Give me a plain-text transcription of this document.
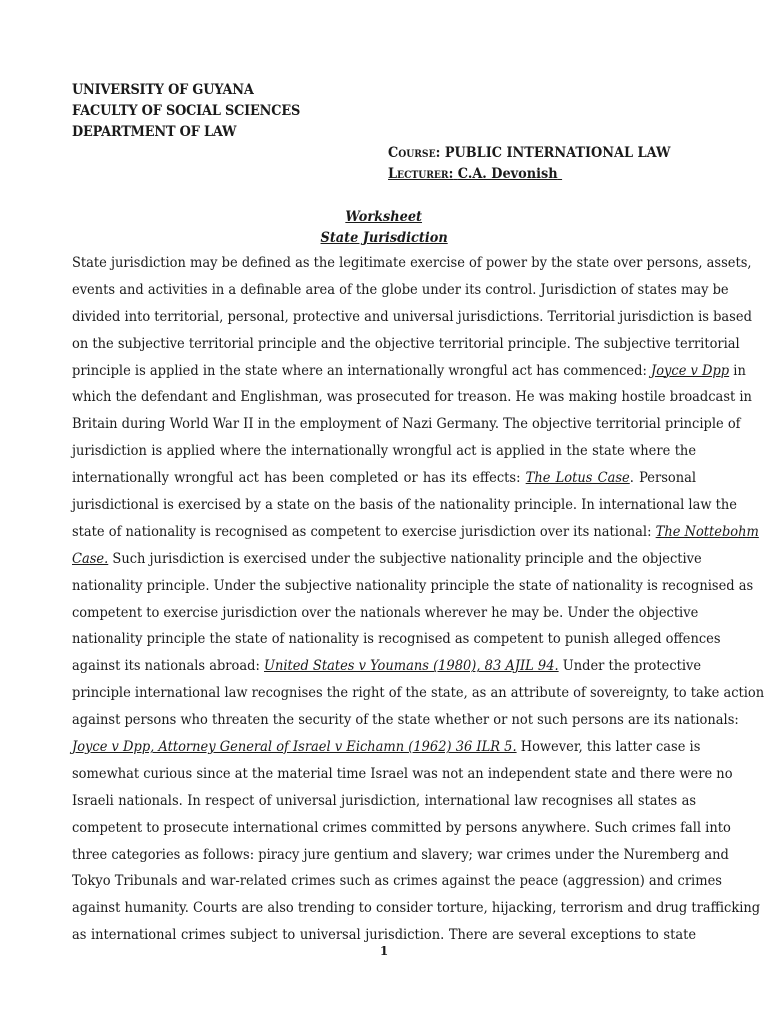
UNIVERSITY OF GUYANA
FACULTY OF SOCIAL SCIENCES
DEPARTMENT OF LAW
Course: PUBLIC INTERNATIONAL LAW
Lecturer: C.A. Devonish
Worksheet
State Jurisdiction
State jurisdiction may be defined as the legitimate exercise of power by the state over persons, assets,
events and activities in a definable area of the globe under its control. Jurisdiction of states may be
divided into territorial, personal, protective and universal jurisdictions. Territorial jurisdiction is based
on the subjective territorial principle and the objective territorial principle. The subjective territorial
principle is applied in the state where an internationally wrongful act has commenced: Joyce v Dpp in
which the defendant and Englishman, was prosecuted for treason. He was making hostile broadcast in
Britain during World War II in the employment of Nazi Germany. The objective territorial principle of
jurisdiction is applied where the internationally wrongful act is applied in the state where the
internationally wrongful act has been completed or has its effects: The Lotus Case. Personal
jurisdictional is exercised by a state on the basis of the nationality principle. In international law the
state of nationality is recognised as competent to exercise jurisdiction over its national: The Nottebohm
Case. Such jurisdiction is exercised under the subjective nationality principle and the objective
nationality principle. Under the subjective nationality principle the state of nationality is recognised as
competent to exercise jurisdiction over the nationals wherever he may be. Under the objective
nationality principle the state of nationality is recognised as competent to punish alleged offences
against its nationals abroad: United States v Youmans (1980), 83 AJIL 94. Under the protective
principle international law recognises the right of the state, as an attribute of sovereignty, to take action
against persons who threaten the security of the state whether or not such persons are its nationals:
Joyce v Dpp, Attorney General of Israel v Eichamn (1962) 36 ILR 5. However, this latter case is
somewhat curious since at the material time Israel was not an independent state and there were no
Israeli nationals. In respect of universal jurisdiction, international law recognises all states as
competent to prosecute international crimes committed by persons anywhere. Such crimes fall into
three categories as follows: piracy jure gentium and slavery; war crimes under the Nuremberg and
Tokyo Tribunals and war-related crimes such as crimes against the peace (aggression) and crimes
against humanity. Courts are also trending to consider torture, hijacking, terrorism and drug trafficking
as international crimes subject to universal jurisdiction. There are several exceptions to state
1
